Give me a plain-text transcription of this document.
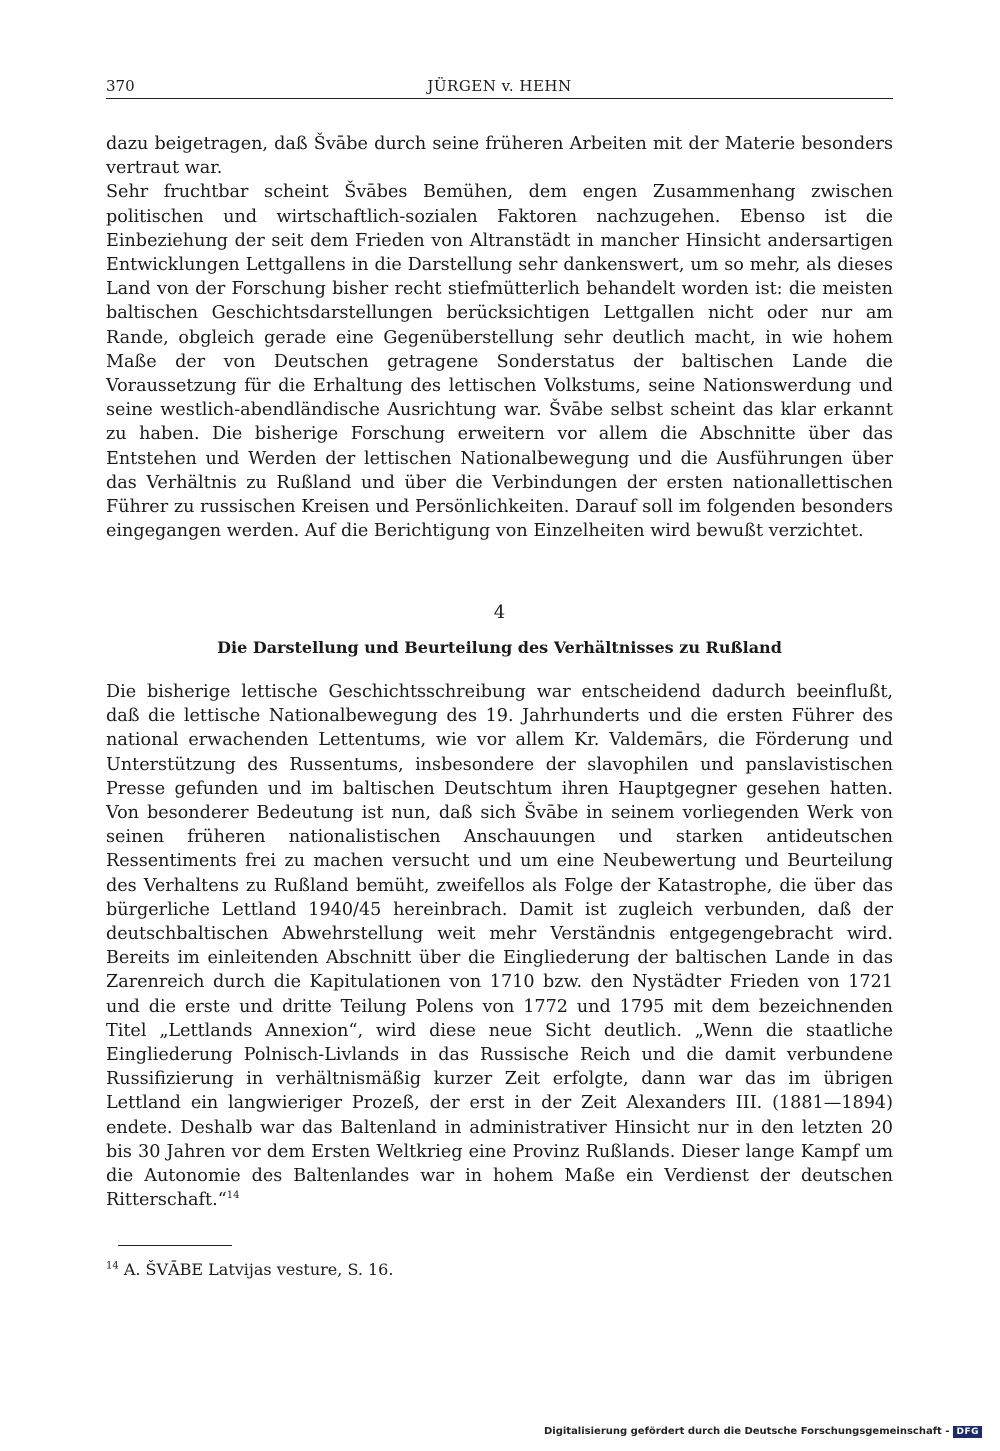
370	JÜRGEN v. HEHN

dazu beigetragen, daß Švābe durch seine früheren Arbeiten mit der Materie besonders vertraut war.

Sehr fruchtbar scheint Švābes Bemühen, dem engen Zusammenhang zwischen politischen und wirtschaftlich-sozialen Faktoren nachzugehen. Ebenso ist die Einbeziehung der seit dem Frieden von Altranstädt in mancher Hinsicht andersartigen Entwicklungen Lettgallens in die Darstellung sehr dankenswert, um so mehr, als dieses Land von der Forschung bisher recht stiefmütterlich behandelt worden ist: die meisten baltischen Geschichtsdarstellungen berücksichtigen Lettgallen nicht oder nur am Rande, obgleich gerade eine Gegenüberstellung sehr deutlich macht, in wie hohem Maße der von Deutschen getragene Sonderstatus der baltischen Lande die Voraussetzung für die Erhaltung des lettischen Volkstums, seine Nationswerdung und seine westlich-abendländische Ausrichtung war. Švābe selbst scheint das klar erkannt zu haben. Die bisherige Forschung erweitern vor allem die Abschnitte über das Entstehen und Werden der lettischen Nationalbewegung und die Ausführungen über das Verhältnis zu Rußland und über die Verbindungen der ersten nationallettischen Führer zu russischen Kreisen und Persönlichkeiten. Darauf soll im folgenden besonders eingegangen werden. Auf die Berichtigung von Einzelheiten wird bewußt verzichtet.

4
Die Darstellung und Beurteilung des Verhältnisses zu Rußland

Die bisherige lettische Geschichtsschreibung war entscheidend dadurch beeinflußt, daß die lettische Nationalbewegung des 19. Jahrhunderts und die ersten Führer des national erwachenden Lettentums, wie vor allem Kr. Valdemārs, die Förderung und Unterstützung des Russentums, insbesondere der slavophilen und panslavistischen Presse gefunden und im baltischen Deutschtum ihren Hauptgegner gesehen hatten. Von besonderer Bedeutung ist nun, daß sich Švābe in seinem vorliegenden Werk von seinen früheren nationalistischen Anschauungen und starken antideutschen Ressentiments frei zu machen versucht und um eine Neubewertung und Beurteilung des Verhaltens zu Rußland bemüht, zweifellos als Folge der Katastrophe, die über das bürgerliche Lettland 1940/45 hereinbrach. Damit ist zugleich verbunden, daß der deutschbaltischen Abwehrstellung weit mehr Verständnis entgegengebracht wird. Bereits im einleitenden Abschnitt über die Eingliederung der baltischen Lande in das Zarenreich durch die Kapitulationen von 1710 bzw. den Nystädter Frieden von 1721 und die erste und dritte Teilung Polens von 1772 und 1795 mit dem bezeichnenden Titel „Lettlands Annexion“, wird diese neue Sicht deutlich. „Wenn die staatliche Eingliederung Polnisch-Livlands in das Russische Reich und die damit verbundene Russifizierung in verhältnismäßig kurzer Zeit erfolgte, dann war das im übrigen Lettland ein langwieriger Prozeß, der erst in der Zeit Alexanders III. (1881—1894) endete. Deshalb war das Baltenland in administrativer Hinsicht nur in den letzten 20 bis 30 Jahren vor dem Ersten Weltkrieg eine Provinz Rußlands. Dieser lange Kampf um die Autonomie des Baltenlandes war in hohem Maße ein Verdienst der deutschen Ritterschaft.“$^{14}$

$^{14}$ A. ŠVĀBE Latvijas vesture, S. 16.
Digitalisierung gefördert durch die Deutsche Forschungsgemeinschaft - DFG
